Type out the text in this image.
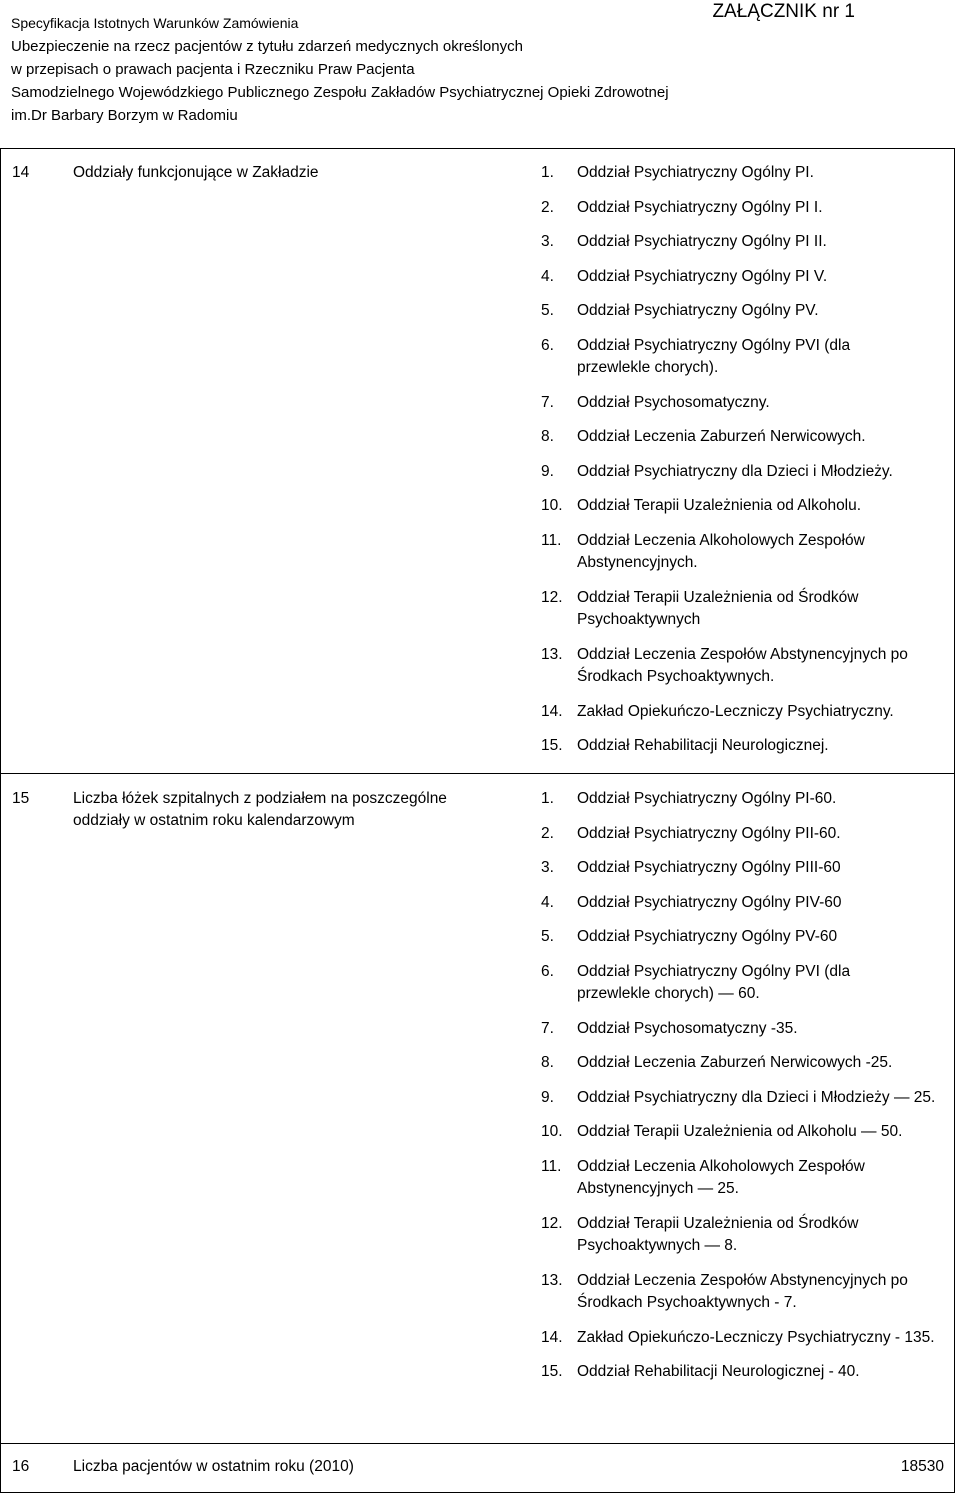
Specyfikacja Istotnych Warunków Zamówienia
Ubezpieczenie na rzecz pacjentów z tytułu zdarzeń medycznych określonych
w przepisach o prawach pacjenta i Rzeczniku Praw Pacjenta
Samodzielnego Wojewódzkiego Publicznego Zespołu Zakładów Psychiatrycznej Opieki Zdrowotnej
im.Dr Barbary Borzym w Radomiu
ZAŁĄCZNIK nr 1
14	Oddziały funkcjonujące w Zakładzie	1. Oddział Psychiatryczny Ogólny PI.
2. Oddział Psychiatryczny Ogólny PI I.
3. Oddział Psychiatryczny Ogólny PI II.
4. Oddział Psychiatryczny Ogólny PI V.
5. Oddział Psychiatryczny Ogólny PV.
6. Oddział Psychiatryczny Ogólny PVI (dla przewlekle chorych).
7. Oddział Psychosomatyczny.
8. Oddział Leczenia Zaburzeń Nerwicowych.
9. Oddział Psychiatryczny dla Dzieci i Młodzieży.
10. Oddział Terapii Uzależnienia od Alkoholu.
11. Oddział Leczenia Alkoholowych Zespołów Abstynencyjnych.
12. Oddział Terapii Uzależnienia od Środków Psychoaktywnych
13. Oddział Leczenia Zespołów Abstynencyjnych po Środkach Psychoaktywnych.
14. Zakład Opiekuńczo-Leczniczy Psychiatryczny.
15. Oddział Rehabilitacji Neurologicznej.
15	Liczba łóżek szpitalnych z podziałem na poszczególne oddziały w ostatnim roku kalendarzowym
1. Oddział Psychiatryczny Ogólny PI-60.
2. Oddział Psychiatryczny Ogólny PII-60.
3. Oddział Psychiatryczny Ogólny PIII-60
4. Oddział Psychiatryczny Ogólny PIV-60
5. Oddział Psychiatryczny Ogólny PV-60
6. Oddział Psychiatryczny Ogólny PVI (dla przewlekle chorych) — 60.
7. Oddział Psychosomatyczny -35.
8. Oddział Leczenia Zaburzeń Nerwicowych -25.
9. Oddział Psychiatryczny dla Dzieci i Młodzieży — 25.
10. Oddział Terapii Uzależnienia od Alkoholu — 50.
11. Oddział Leczenia Alkoholowych Zespołów Abstynencyjnych — 25.
12. Oddział Terapii Uzależnienia od Środków Psychoaktywnych — 8.
13. Oddział Leczenia Zespołów Abstynencyjnych po Środkach Psychoaktywnych - 7.
14. Zakład Opiekuńczo-Leczniczy Psychiatryczny - 135.
15. Oddział Rehabilitacji Neurologicznej - 40.
16	Liczba pacjentów w ostatnim roku (2010)	18530
